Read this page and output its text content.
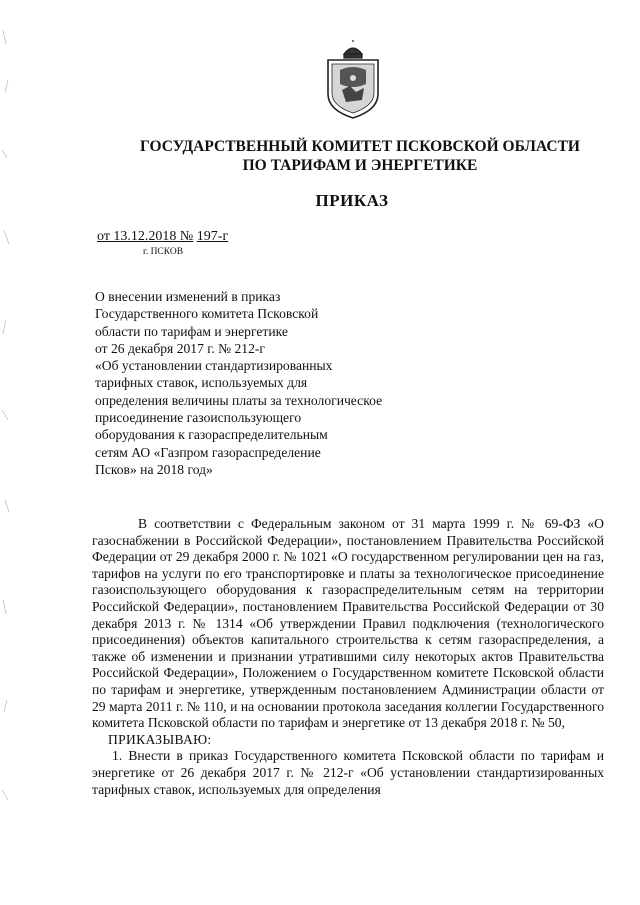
ГОСУДАРСТВЕННЫЙ КОМИТЕТ ПСКОВСКОЙ ОБЛАСТИ
ПО ТАРИФАМ И ЭНЕРГЕТИКЕ
ПРИКАЗ
от 13.12.2018 № 197-г
г. ПСКОВ
О внесении изменений в приказ
Государственного комитета Псковской
области по тарифам и энергетике
от 26 декабря 2017 г. № 212-г
«Об установлении стандартизированных
тарифных ставок, используемых для
определения величины платы за технологическое
присоединение газоиспользующего
оборудования к газораспределительным
сетям АО «Газпром газораспределение
Псков» на 2018 год»

В соответствии с Федеральным законом от 31 марта 1999 г. № 69-ФЗ «О газоснабжении в Российской Федерации», постановлением Правительства Российской Федерации от 29 декабря 2000 г. № 1021 «О государственном регулировании цен на газ, тарифов на услуги по его транспортировке и платы за технологическое присоединение газоиспользующего оборудования к газораспределительным сетям на территории Российской Федерации», постановлением Правительства Российской Федерации от 30 декабря 2013 г. № 1314 «Об утверждении Правил подключения (технологического присоединения) объектов капитального строительства к сетям газораспределения, а также об изменении и признании утратившими силу некоторых актов Правительства Российской Федерации», Положением о Государственном комитете Псковской области по тарифам и энергетике, утвержденным постановлением Администрации области от 29 марта 2011 г. № 110, и на основании протокола заседания коллегии Государственного комитета Псковской области по тарифам и энергетике от 13 декабря 2018 г. № 50,

ПРИКАЗЫВАЮ:

1. Внести в приказ Государственного комитета Псковской области по тарифам и энергетике от 26 декабря 2017 г. № 212-г «Об установлении стандартизированных тарифных ставок, используемых для определения
